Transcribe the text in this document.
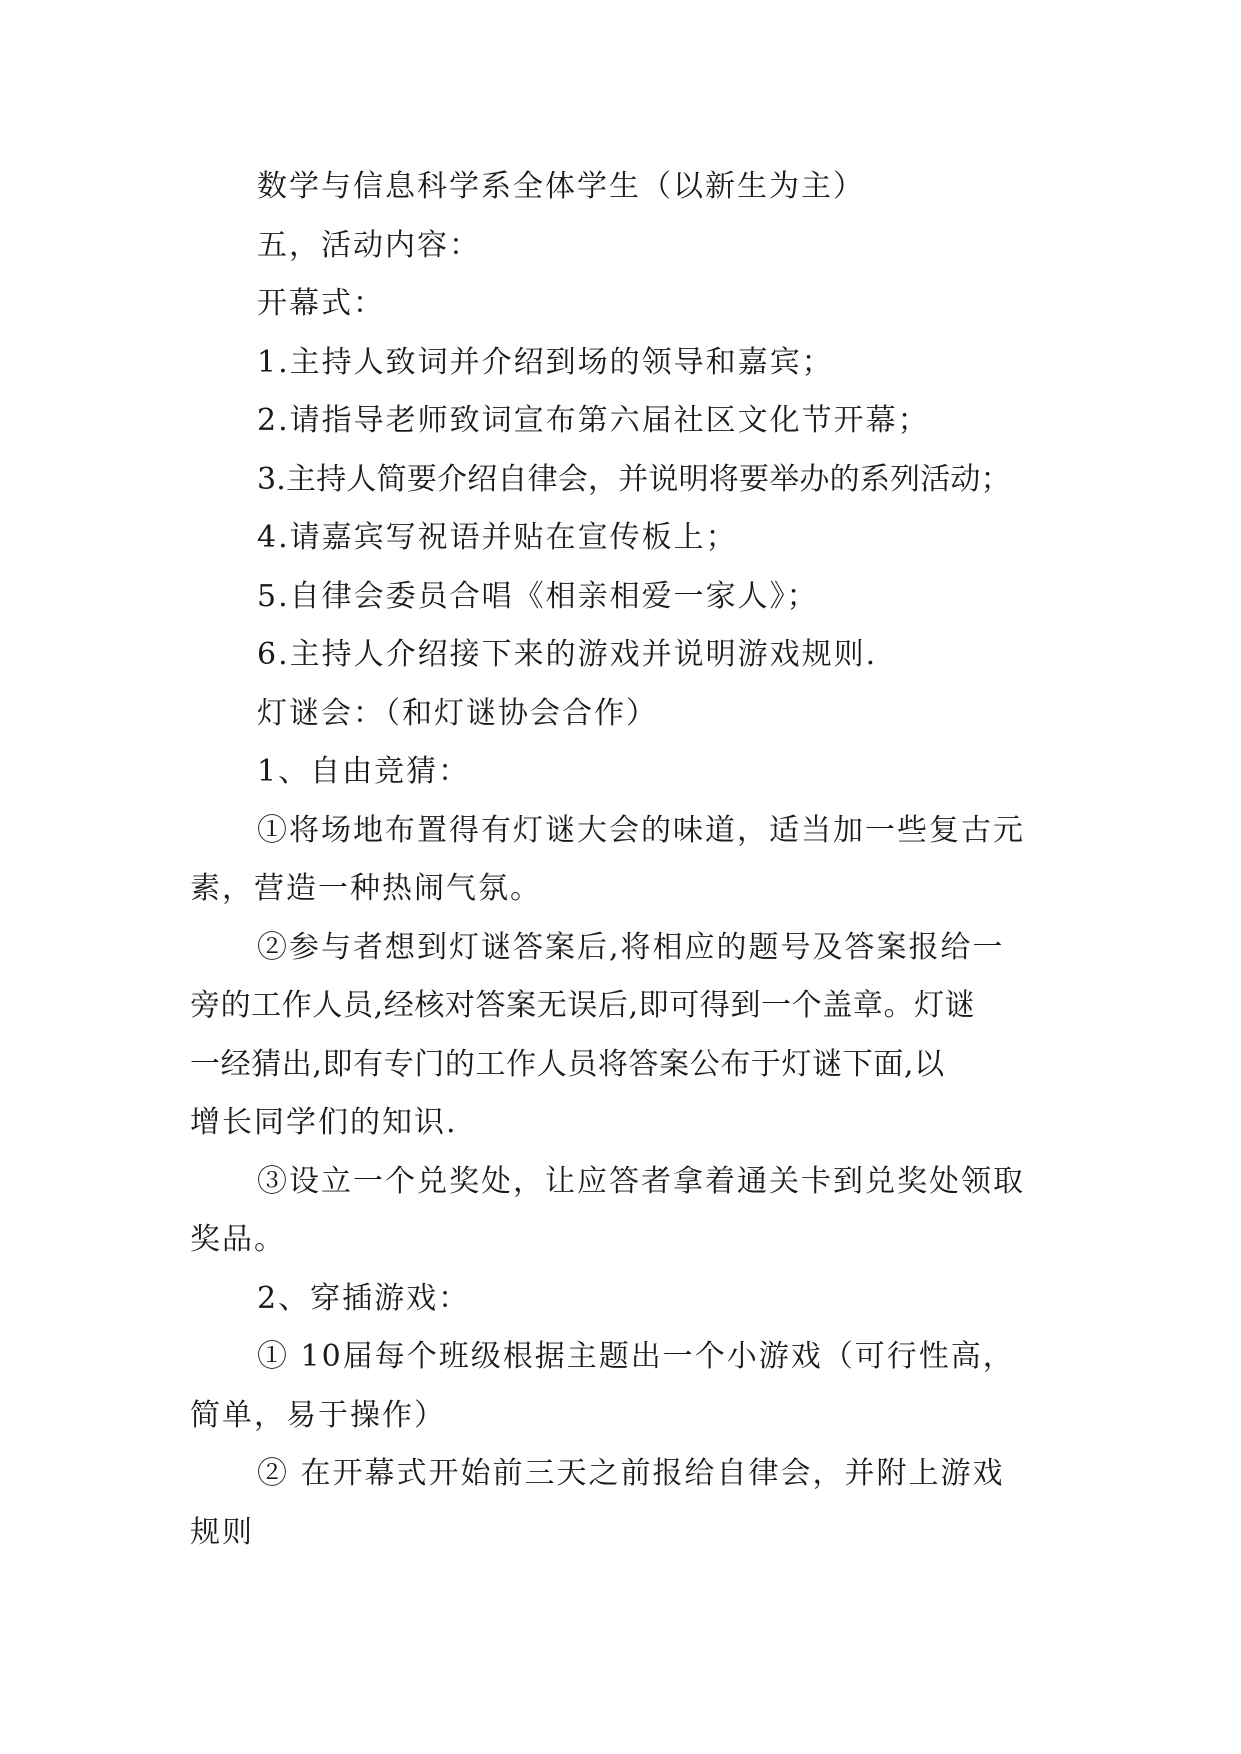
数学与信息科学系全体学生（以新生为主）
五，活动内容：
开幕式：
1.主持人致词并介绍到场的领导和嘉宾；
2.请指导老师致词宣布第六届社区文化节开幕；
3.主持人简要介绍自律会，并说明将要举办的系列活动；
4.请嘉宾写祝语并贴在宣传板上；
5.自律会委员合唱《相亲相爱一家人》；
6.主持人介绍接下来的游戏并说明游戏规则.
灯谜会：（和灯谜协会合作）
1、自由竞猜：
①将场地布置得有灯谜大会的味道，适当加一些复古元
素，营造一种热闹气氛。
②参与者想到灯谜答案后,将相应的题号及答案报给一
旁的工作人员,经核对答案无误后,即可得到一个盖章。灯谜
一经猜出,即有专门的工作人员将答案公布于灯谜下面,以
增长同学们的知识.
③设立一个兑奖处，让应答者拿着通关卡到兑奖处领取
奖品。
2、穿插游戏：
① 10届每个班级根据主题出一个小游戏（可行性高，
简单，易于操作）
② 在开幕式开始前三天之前报给自律会，并附上游戏
规则
